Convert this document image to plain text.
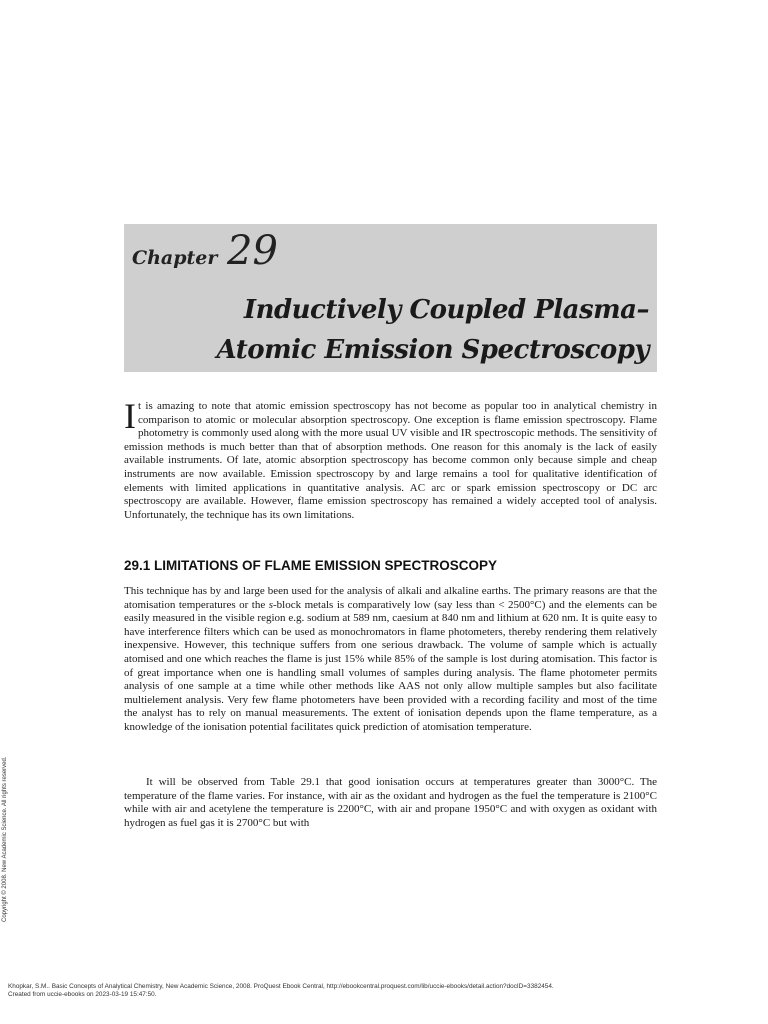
Chapter 29
Inductively Coupled Plasma–
Atomic Emission Spectroscopy
It is amazing to note that atomic emission spectroscopy has not become as popular too in analytical chemistry in comparison to atomic or molecular absorption spectroscopy. One exception is flame emission spectroscopy. Flame photometry is commonly used along with the more usual UV visible and IR spectroscopic methods. The sensitivity of emission methods is much better than that of absorption methods. One reason for this anomaly is the lack of easily available instruments. Of late, atomic absorption spectroscopy has become common only because simple and cheap instruments are now available. Emission spectroscopy by and large remains a tool for qualitative identification of elements with limited applications in quantitative analysis. AC arc or spark emission spectroscopy or DC arc spectroscopy are available. However, flame emission spectroscopy has remained a widely accepted tool of analysis. Unfortunately, the technique has its own limitations.
29.1 LIMITATIONS OF FLAME EMISSION SPECTROSCOPY
This technique has by and large been used for the analysis of alkali and alkaline earths. The primary reasons are that the atomisation temperatures or the s-block metals is comparatively low (say less than < 2500°C) and the elements can be easily measured in the visible region e.g. sodium at 589 nm, caesium at 840 nm and lithium at 620 nm. It is quite easy to have interference filters which can be used as monochromators in flame photometers, thereby rendering them relatively inexpensive. However, this technique suffers from one serious drawback. The volume of sample which is actually atomised and one which reaches the flame is just 15% while 85% of the sample is lost during atomisation. This factor is of great importance when one is handling small volumes of samples during analysis. The flame photometer permits analysis of one sample at a time while other methods like AAS not only allow multiple samples but also facilitate multielement analysis. Very few flame photometers have been provided with a recording facility and most of the time the analyst has to rely on manual measurements. The extent of ionisation depends upon the flame temperature, as a knowledge of the ionisation potential facilitates quick prediction of atomisation temperature.
It will be observed from Table 29.1 that good ionisation occurs at temperatures greater than 3000°C. The temperature of the flame varies. For instance, with air as the oxidant and hydrogen as the fuel the temperature is 2100°C while with air and acetylene the temperature is 2200°C, with air and propane 1950°C and with oxygen as oxidant with hydrogen as fuel gas it is 2700°C but with
Copyright © 2008. New Academic Science. All rights reserved.
Khopkar, S.M.. Basic Concepts of Analytical Chemistry, New Academic Science, 2008. ProQuest Ebook Central, http://ebookcentral.proquest.com/lib/uccie-ebooks/detail.action?docID=3382454.
Created from uccie-ebooks on 2023-03-19 15:47:50.
